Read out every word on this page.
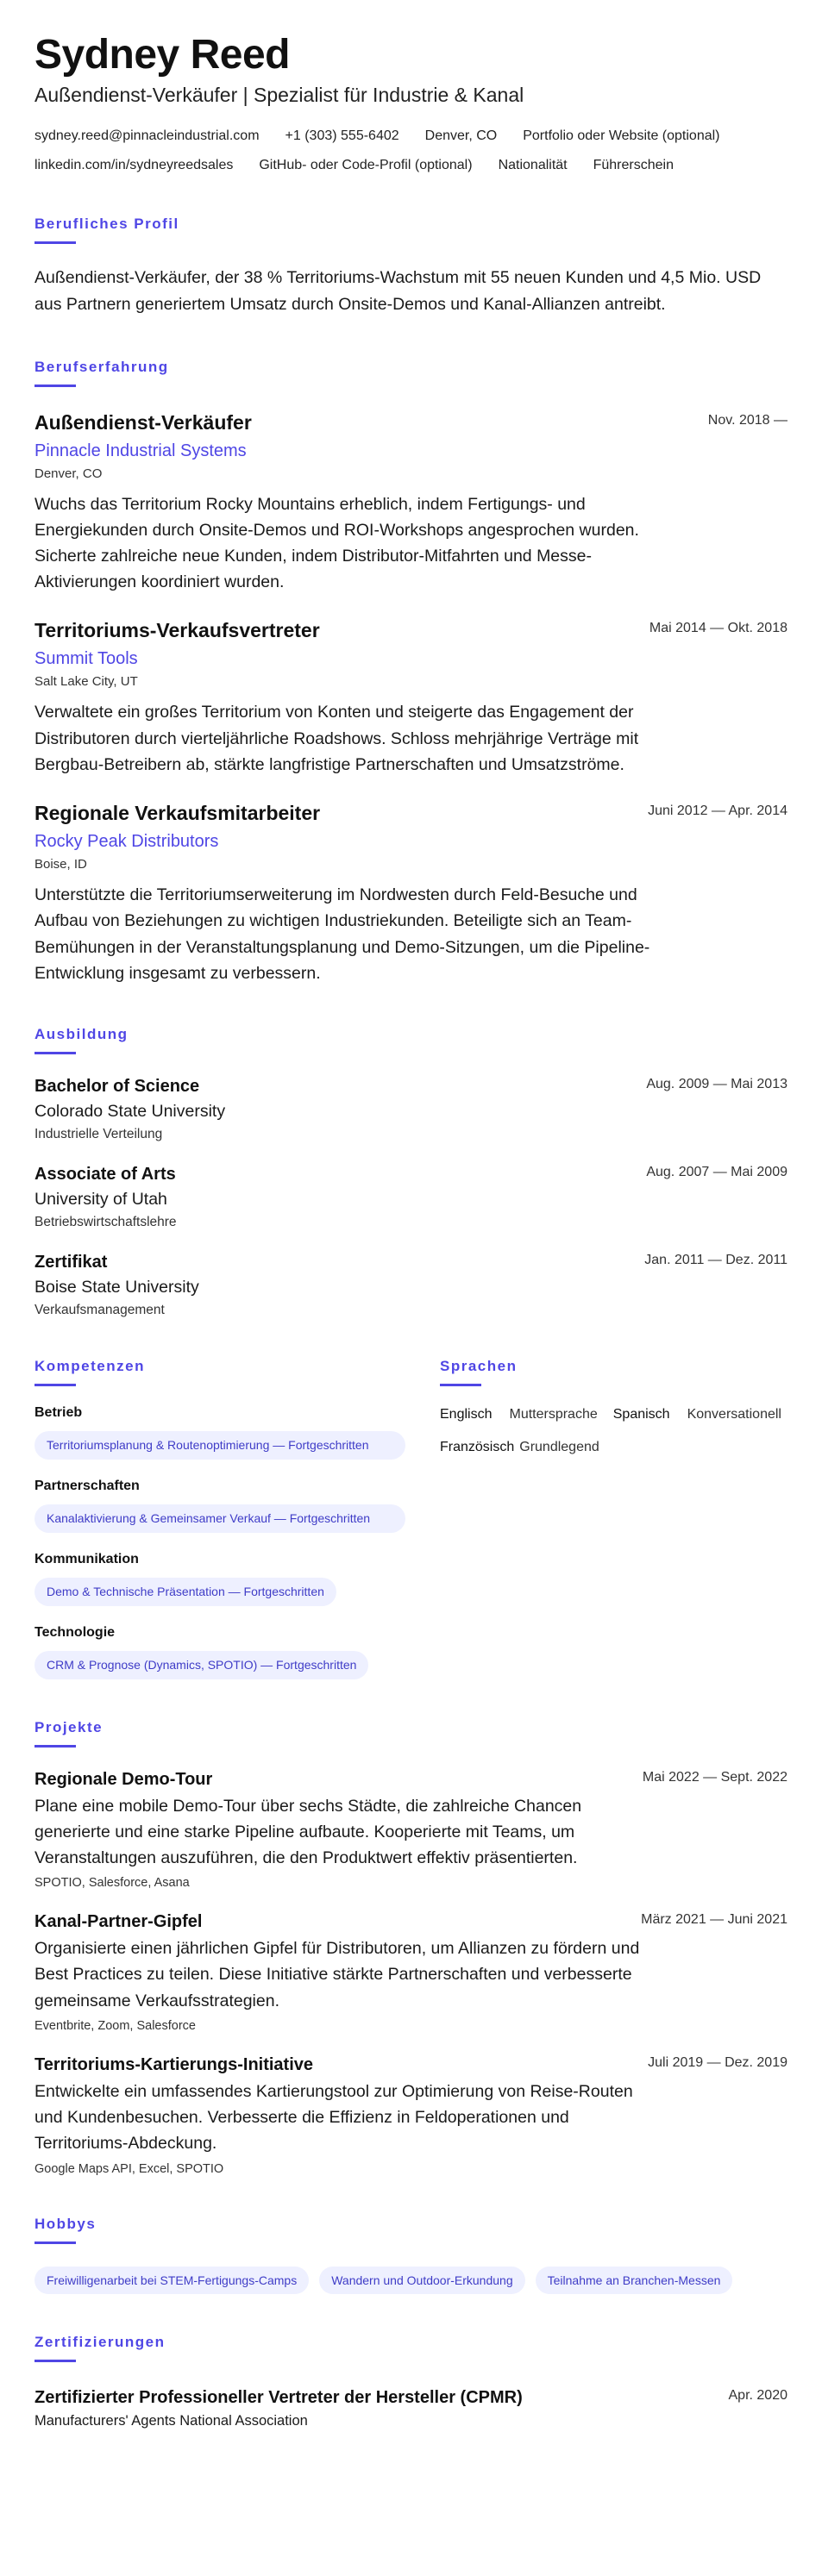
Sydney Reed
Außendienst-Verkäufer | Spezialist für Industrie & Kanal
sydney.reed@pinnacleindustrial.com +1 (303) 555-6402 Denver, CO Portfolio oder Website (optional)
linkedin.com/in/sydneyreedsales GitHub- oder Code-Profil (optional) Nationalität Führerschein
Berufliches Profil

Außendienst-Verkäufer, der 38 % Territoriums-Wachstum mit 55 neuen Kunden und 4,5 Mio. USD aus Partnern generiertem Umsatz durch Onsite-Demos und Kanal-Allianzen antreibt.

Berufserfahrung
Außendienst-Verkäufer	Nov. 2018 —
Pinnacle Industrial Systems
Denver, CO

Wuchs das Territorium Rocky Mountains erheblich, indem Fertigungs- und Energiekunden durch Onsite-Demos und ROI-Workshops angesprochen wurden. Sicherte zahlreiche neue Kunden, indem Distributor-Mitfahrten und Messe-Aktivierungen koordiniert wurden.

Territoriums-Verkaufsvertreter	Mai 2014 — Okt. 2018
Summit Tools
Salt Lake City, UT

Verwaltete ein großes Territorium von Konten und steigerte das Engagement der Distributoren durch vierteljährliche Roadshows. Schloss mehrjährige Verträge mit Bergbau-Betreibern ab, stärkte langfristige Partnerschaften und Umsatzströme.

Regionale Verkaufsmitarbeiter	Juni 2012 — Apr. 2014
Rocky Peak Distributors
Boise, ID

Unterstützte die Territoriumserweiterung im Nordwesten durch Feld-Besuche und Aufbau von Beziehungen zu wichtigen Industriekunden. Beteiligte sich an Team-Bemühungen in der Veranstaltungsplanung und Demo-Sitzungen, um die Pipeline-Entwicklung insgesamt zu verbessern.

Ausbildung
Bachelor of Science	Aug. 2009 — Mai 2013
Colorado State University
Industrielle Verteilung
Associate of Arts	Aug. 2007 — Mai 2009
University of Utah
Betriebswirtschaftslehre
Zertifikat	Jan. 2011 — Dez. 2011
Boise State University
Verkaufsmanagement
Kompetenzen
Betrieb
Territoriumsplanung & Routenoptimierung — Fortgeschritten
Partnerschaften
Kanalaktivierung & Gemeinsamer Verkauf — Fortgeschritten
Kommunikation
Demo & Technische Präsentation — Fortgeschritten
Technologie
CRM & Prognose (Dynamics, SPOTIO) — Fortgeschritten
Sprachen
Englisch Muttersprache Spanisch Konversationell
Französisch Grundlegend
Projekte
Regionale Demo-Tour	Mai 2022 — Sept. 2022

Plane eine mobile Demo-Tour über sechs Städte, die zahlreiche Chancen generierte und eine starke Pipeline aufbaute. Kooperierte mit Teams, um Veranstaltungen auszuführen, die den Produktwert effektiv präsentierten.

SPOTIO, Salesforce, Asana
Kanal-Partner-Gipfel	März 2021 — Juni 2021

Organisierte einen jährlichen Gipfel für Distributoren, um Allianzen zu fördern und Best Practices zu teilen. Diese Initiative stärkte Partnerschaften und verbesserte gemeinsame Verkaufsstrategien.

Eventbrite, Zoom, Salesforce
Territoriums-Kartierungs-Initiative	Juli 2019 — Dez. 2019

Entwickelte ein umfassendes Kartierungstool zur Optimierung von Reise-Routen und Kundenbesuchen. Verbesserte die Effizienz in Feldoperationen und Territoriums-Abdeckung.

Google Maps API, Excel, SPOTIO
Hobbys
Freiwilligenarbeit bei STEM-Fertigungs-Camps	Wandern und Outdoor-Erkundung	Teilnahme an Branchen-Messen
Zertifizierungen
Zertifizierter Professioneller Vertreter der Hersteller (CPMR)	Apr. 2020
Manufacturers' Agents National Association
